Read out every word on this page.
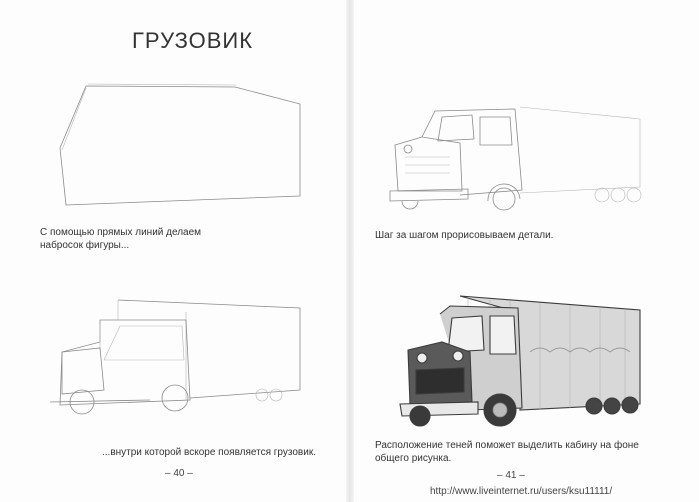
ГРУЗОВИК
С помощью прямых линий делаем
набросок фигуры...
...внутри которой вскоре появляется грузовик.
– 40 –
Шаг за шагом прорисовываем детали.
Расположение теней поможет выделить кабину на фоне
общего рисунка.
– 41 –
http://www.liveinternet.ru/users/ksu11111/
